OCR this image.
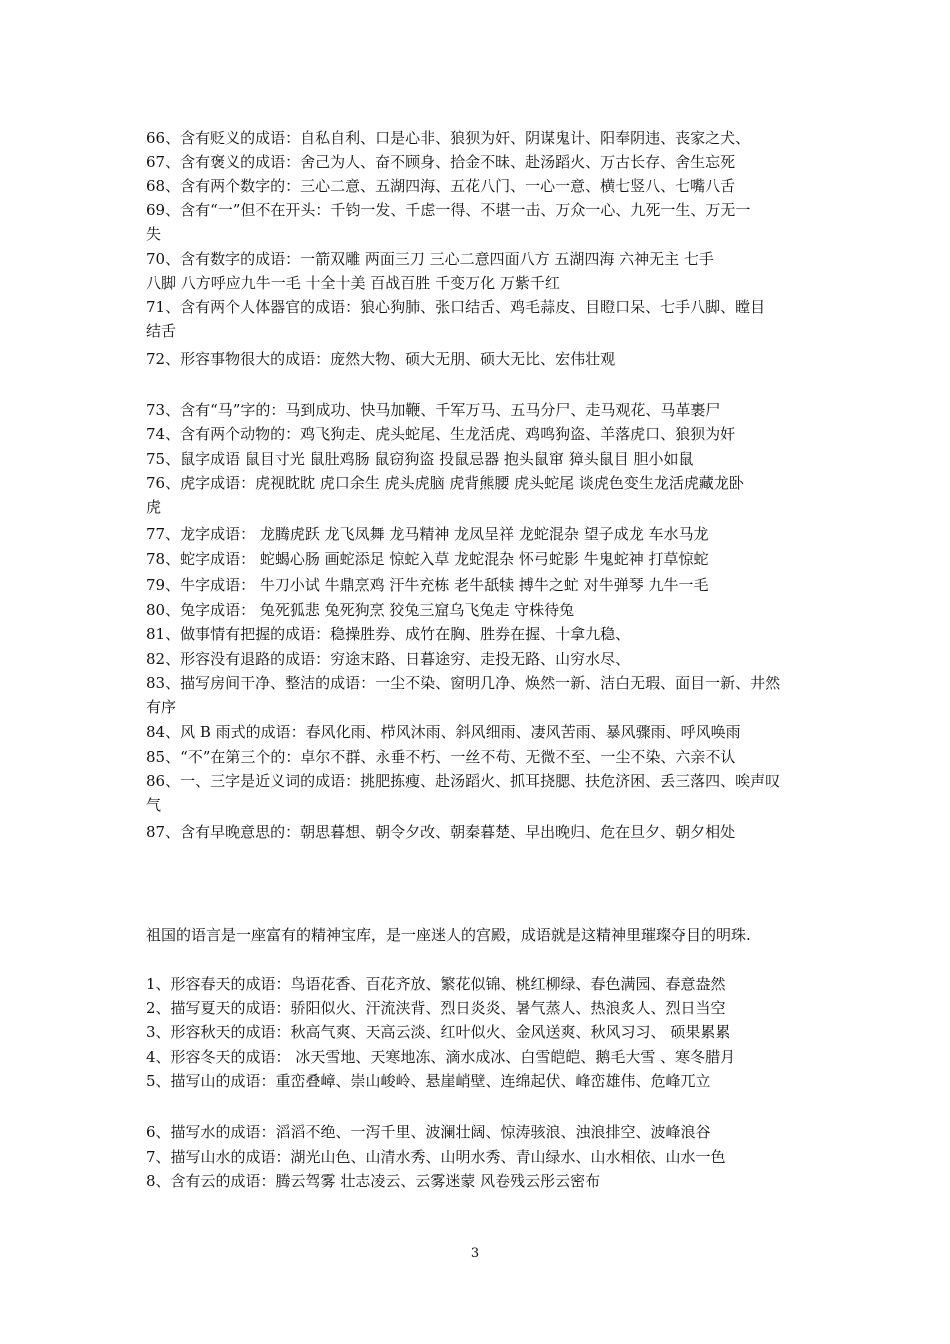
66、含有贬义的成语：自私自利、口是心非、狼狈为奸、阴谋鬼计、阳奉阴违、丧家之犬、
67、含有褒义的成语：舍己为人、奋不顾身、拾金不昧、赴汤蹈火、万古长存、舍生忘死
68、含有两个数字的：三心二意、五湖四海、五花八门、一心一意、横七竖八、七嘴八舌
69、含有“一”但不在开头：千钧一发、千虑一得、不堪一击、万众一心、九死一生、万无一
失
70、含有数字的成语：一箭双雕 两面三刀 三心二意四面八方 五湖四海 六神无主 七手
八脚 八方呼应九牛一毛 十全十美 百战百胜 千变万化 万紫千红
71、含有两个人体器官的成语：狼心狗肺、张口结舌、鸡毛蒜皮、目瞪口呆、七手八脚、瞠目
结舌
72、形容事物很大的成语：庞然大物、硕大无朋、硕大无比、宏伟壮观
73、含有“马”字的：马到成功、快马加鞭、千军万马、五马分尸、走马观花、马革裹尸
74、含有两个动物的：鸡飞狗走、虎头蛇尾、生龙活虎、鸡鸣狗盗、羊落虎口、狼狈为奸
75、鼠字成语 鼠目寸光 鼠肚鸡肠 鼠窃狗盗 投鼠忌器 抱头鼠窜 獐头鼠目 胆小如鼠
76、虎字成语：虎视眈眈 虎口余生 虎头虎脑 虎背熊腰 虎头蛇尾 谈虎色变生龙活虎藏龙卧
虎
77、龙字成语： 龙腾虎跃 龙飞凤舞 龙马精神 龙凤呈祥 龙蛇混杂 望子成龙 车水马龙
78、蛇字成语： 蛇蝎心肠 画蛇添足 惊蛇入草 龙蛇混杂 怀弓蛇影 牛鬼蛇神 打草惊蛇
79、牛字成语： 牛刀小试 牛鼎烹鸡 汗牛充栋 老牛舐犊 搏牛之虻 对牛弹琴 九牛一毛
80、兔字成语： 兔死狐悲 兔死狗烹 狡兔三窟乌飞兔走 守株待兔
81、做事情有把握的成语：稳操胜券、成竹在胸、胜券在握、十拿九稳、
82、形容没有退路的成语：穷途末路、日暮途穷、走投无路、山穷水尽、
83、描写房间干净、整洁的成语：一尘不染、窗明几净、焕然一新、洁白无瑕、面目一新、井然
有序
84、风 B 雨式的成语：春风化雨、栉风沐雨、斜风细雨、凄风苦雨、暴风骤雨、呼风唤雨
85、“不”在第三个的：卓尔不群、永垂不朽、一丝不苟、无微不至、一尘不染、六亲不认
86、一、三字是近义词的成语：挑肥拣瘦、赴汤蹈火、抓耳挠腮、扶危济困、丢三落四、唉声叹
气
87、含有早晚意思的：朝思暮想、朝令夕改、朝秦暮楚、早出晚归、危在旦夕、朝夕相处
祖国的语言是一座富有的精神宝库，是一座迷人的宫殿，成语就是这精神里璀璨夺目的明珠.
1、形容春天的成语：鸟语花香、百花齐放、繁花似锦、桃红柳绿、春色满园、春意盎然
2、描写夏天的成语：骄阳似火、汗流浃背、烈日炎炎、暑气蒸人、热浪炙人、烈日当空
3、形容秋天的成语：秋高气爽、天高云淡、红叶似火、金风送爽、秋风习习、 硕果累累
4、形容冬天的成语： 冰天雪地、天寒地冻、滴水成冰、白雪皑皑、鹅毛大雪 、寒冬腊月
5、描写山的成语：重峦叠嶂、崇山峻岭、悬崖峭壁、连绵起伏、峰峦雄伟、危峰兀立
6、描写水的成语：滔滔不绝、一泻千里、波澜壮阔、惊涛骇浪、浊浪排空、波峰浪谷
7、描写山水的成语：湖光山色、山清水秀、山明水秀、青山绿水、山水相依、山水一色
8、含有云的成语：腾云驾雾 壮志凌云、云雾迷蒙 风卷残云彤云密布
3
